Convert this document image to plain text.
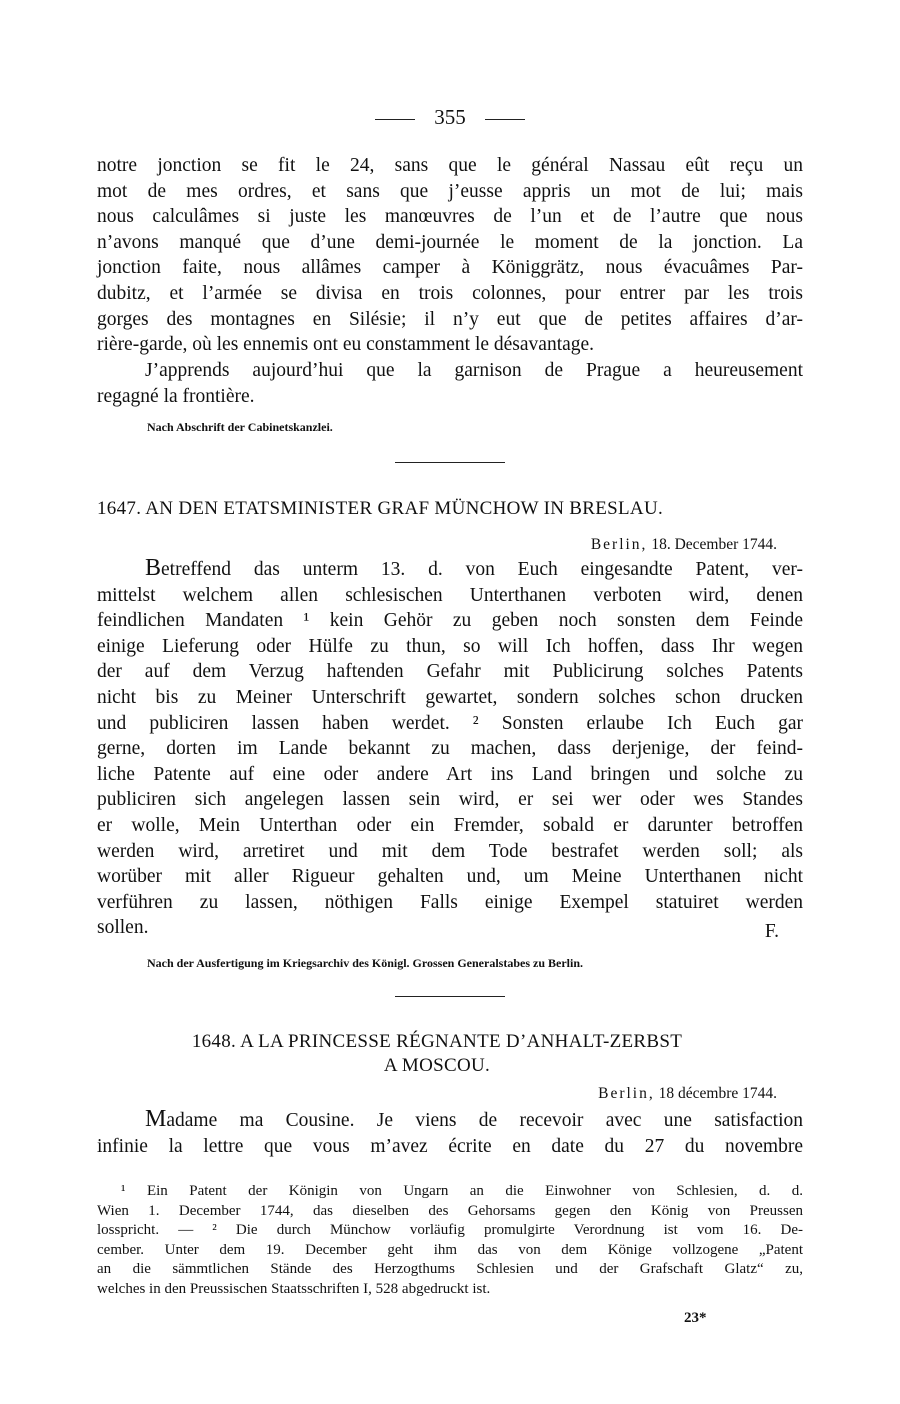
355
notre jonction se fit le 24, sans que le général Nassau eût reçu un
mot de mes ordres, et sans que j’eusse appris un mot de lui; mais
nous calculâmes si juste les manœuvres de l’un et de l’autre que nous
n’avons manqué que d’une demi-journée le moment de la jonction. La
jonction faite, nous allâmes camper à Königgrätz, nous évacuâmes Par-
dubitz, et l’armée se divisa en trois colonnes, pour entrer par les trois
gorges des montagnes en Silésie; il n’y eut que de petites affaires d’ar-
rière-garde, où les ennemis ont eu constamment le désavantage.
J’apprends aujourd’hui que la garnison de Prague a heureusement
regagné la frontière.
Nach Abschrift der Cabinetskanzlei.
1647. AN DEN ETATSMINISTER GRAF MÜNCHOW IN BRESLAU.
Berlin, 18. December 1744.
Betreffend das unterm 13. d. von Euch eingesandte Patent, ver-
mittelst welchem allen schlesischen Unterthanen verboten wird, denen
feindlichen Mandaten ¹ kein Gehör zu geben noch sonsten dem Feinde
einige Lieferung oder Hülfe zu thun, so will Ich hoffen, dass Ihr wegen
der auf dem Verzug haftenden Gefahr mit Publicirung solches Patents
nicht bis zu Meiner Unterschrift gewartet, sondern solches schon drucken
und publiciren lassen haben werdet. ² Sonsten erlaube Ich Euch gar
gerne, dorten im Lande bekannt zu machen, dass derjenige, der feind-
liche Patente auf eine oder andere Art ins Land bringen und solche zu
publiciren sich angelegen lassen sein wird, er sei wer oder wes Standes
er wolle, Mein Unterthan oder ein Fremder, sobald er darunter betroffen
werden wird, arretiret und mit dem Tode bestrafet werden soll; als
worüber mit aller Rigueur gehalten und, um Meine Unterthanen nicht
verführen zu lassen, nöthigen Falls einige Exempel statuiret werden
sollen.	F.
Nach der Ausfertigung im Kriegsarchiv des Königl. Grossen Generalstabes zu Berlin.
1648. A LA PRINCESSE RÉGNANTE D’ANHALT-ZERBST
A MOSCOU.
Berlin, 18 décembre 1744.
Madame ma Cousine. Je viens de recevoir avec une satisfaction
infinie la lettre que vous m’avez écrite en date du 27 du novembre
¹ Ein Patent der Königin von Ungarn an die Einwohner von Schlesien, d. d.
Wien 1. December 1744, das dieselben des Gehorsams gegen den König von Preussen
losspricht. — ² Die durch Münchow vorläufig promulgirte Verordnung ist vom 16. De-
cember. Unter dem 19. December geht ihm das von dem Könige vollzogene „Patent
an die sämmtlichen Stände des Herzogthums Schlesien und der Grafschaft Glatz“ zu,
welches in den Preussischen Staatsschriften I, 528 abgedruckt ist.
23*
